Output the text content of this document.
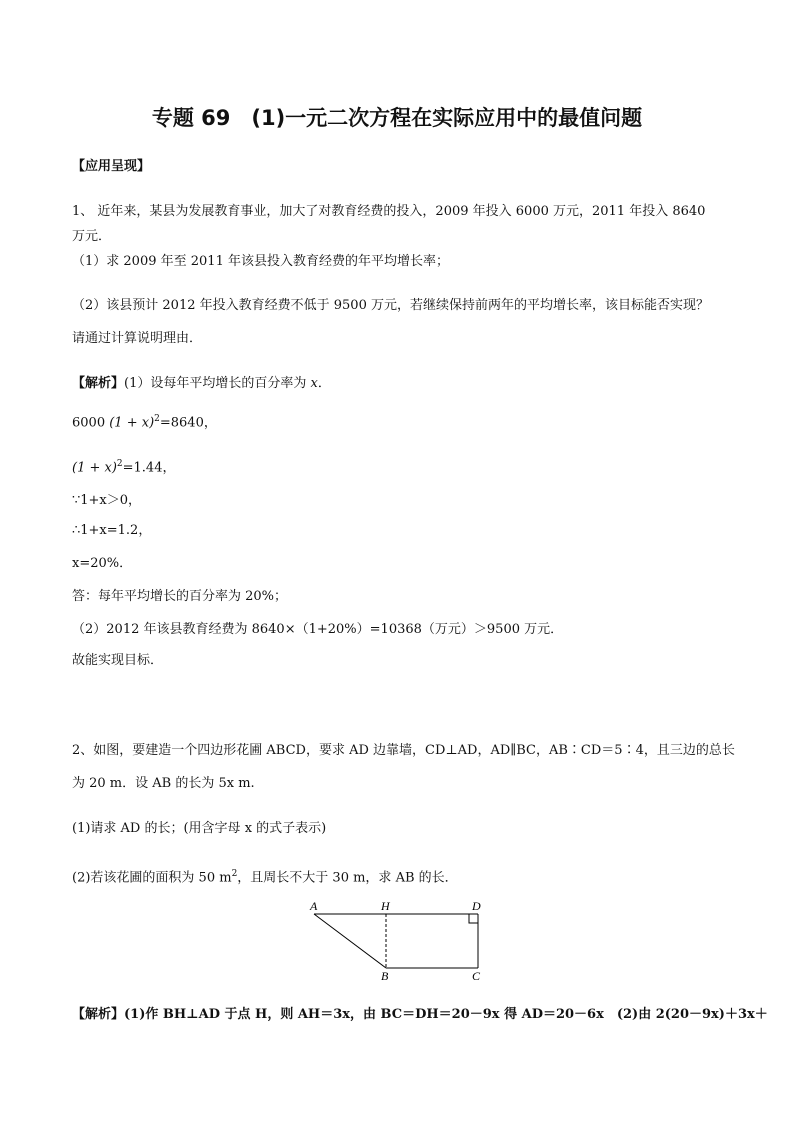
专题 69　(1)一元二次方程在实际应用中的最值问题
【应用呈现】
1、 近年来，某县为发展教育事业，加大了对教育经费的投入，2009 年投入 6000 万元，2011 年投入 8640
万元．
（1）求 2009 年至 2011 年该县投入教育经费的年平均增长率；
（2）该县预计 2012 年投入教育经费不低于 9500 万元，若继续保持前两年的平均增长率，该目标能否实现？
请通过计算说明理由．
【解析】(1）设每年平均增长的百分率为 x．
6000 $(1 + x)^2=8640$，
$(1 + x)^2=1.44$，
∵1+x＞0，
∴1+x=1.2，
x=20%．
答：每年平均增长的百分率为 20%；
（2）2012 年该县教育经费为 8640×（1+20%）=10368（万元）＞9500 万元．
故能实现目标．
2、如图，要建造一个四边形花圃 ABCD，要求 AD 边靠墙，CD⊥AD，AD∥BC，AB∶CD＝5∶4，且三边的总长
为 20 m．设 AB 的长为 5x m.
(1)请求 AD 的长；(用含字母 x 的式子表示)
(2)若该花圃的面积为 50 $m^2$，且周长不大于 30 m，求 AB 的长．
A	H	D
B	C
【解析】(1)作 BH⊥AD 于点 H，则 AH＝3x，由 BC＝DH＝20－9x 得 AD＝20－6x　(2)由 2(20－9x)＋3x＋
